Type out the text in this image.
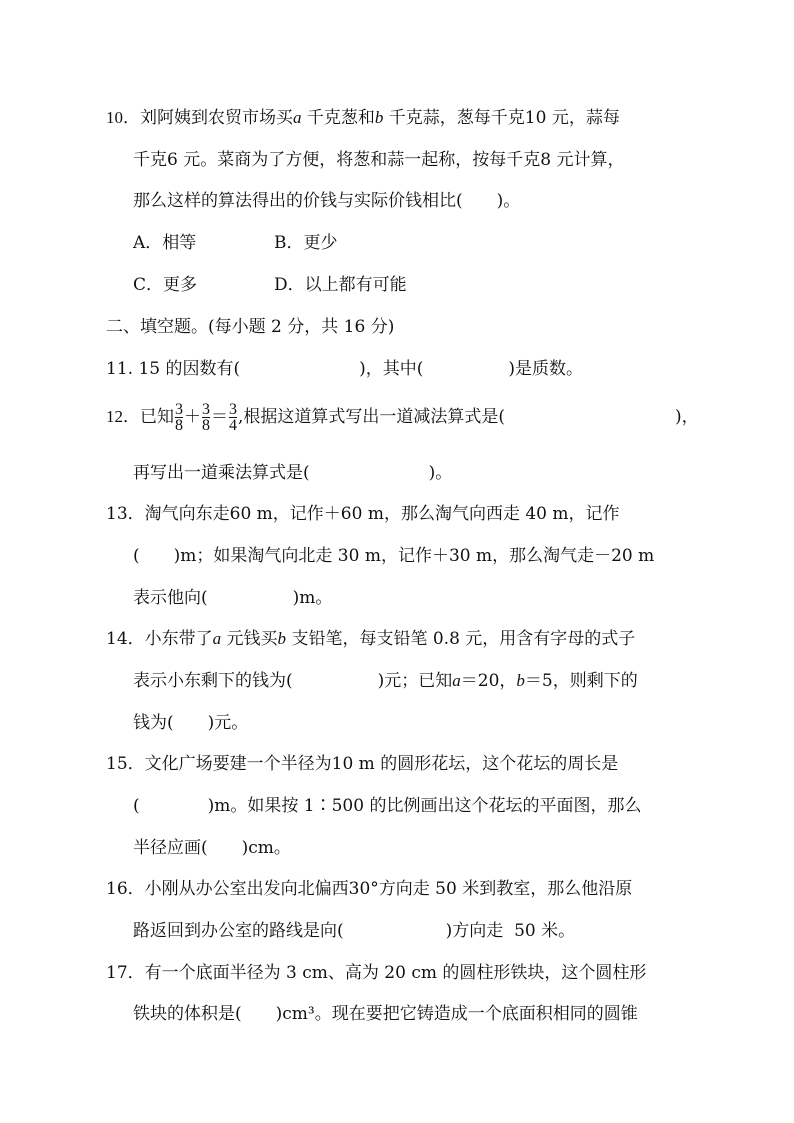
10．刘阿姨到农贸市场买a 千克葱和b 千克蒜，葱每千克10 元，蒜每
千克6 元。菜商为了方便，将葱和蒜一起称，按每千克8 元计算，
那么这样的算法得出的价钱与实际价钱相比(　　)。
A．相等	B．更少
C．更多	D．以上都有可能
二、填空题。(每小题 2 分，共 16 分)
11. 15 的因数有(　　　　　　　)，其中(　　　　　)是质数。
12．已知 $\frac{3}{8} + \frac{3}{8} = \frac{3}{4}$ ,根据这道算式写出一道减法算式是(　　　　　　　　　　)，
再写出一道乘法算式是(　　　　　　　)。
13．淘气向东走60 m，记作＋60 m，那么淘气向西走 40 m，记作
(　　)m；如果淘气向北走 30 m，记作＋30 m，那么淘气走－20 m
表示他向(　　　　　)m。
14．小东带了a 元钱买b 支铅笔，每支铅笔 0.8 元，用含有字母的式子
表示小东剩下的钱为(　　　　　)元；已知a＝20，b＝5，则剩下的
钱为(　　)元。
15．文化广场要建一个半径为10 m 的圆形花坛，这个花坛的周长是
(　　　　)m。如果按 1∶500 的比例画出这个花坛的平面图，那么
半径应画(　　)cm。
16．小刚从办公室出发向北偏西30°方向走 50 米到教室，那么他沿原
路返回到办公室的路线是向(　　　　　　)方向走  50 米。
17．有一个底面半径为 3 cm、高为 20 cm 的圆柱形铁块，这个圆柱形
铁块的体积是(　　)cm³。现在要把它铸造成一个底面积相同的圆锥
